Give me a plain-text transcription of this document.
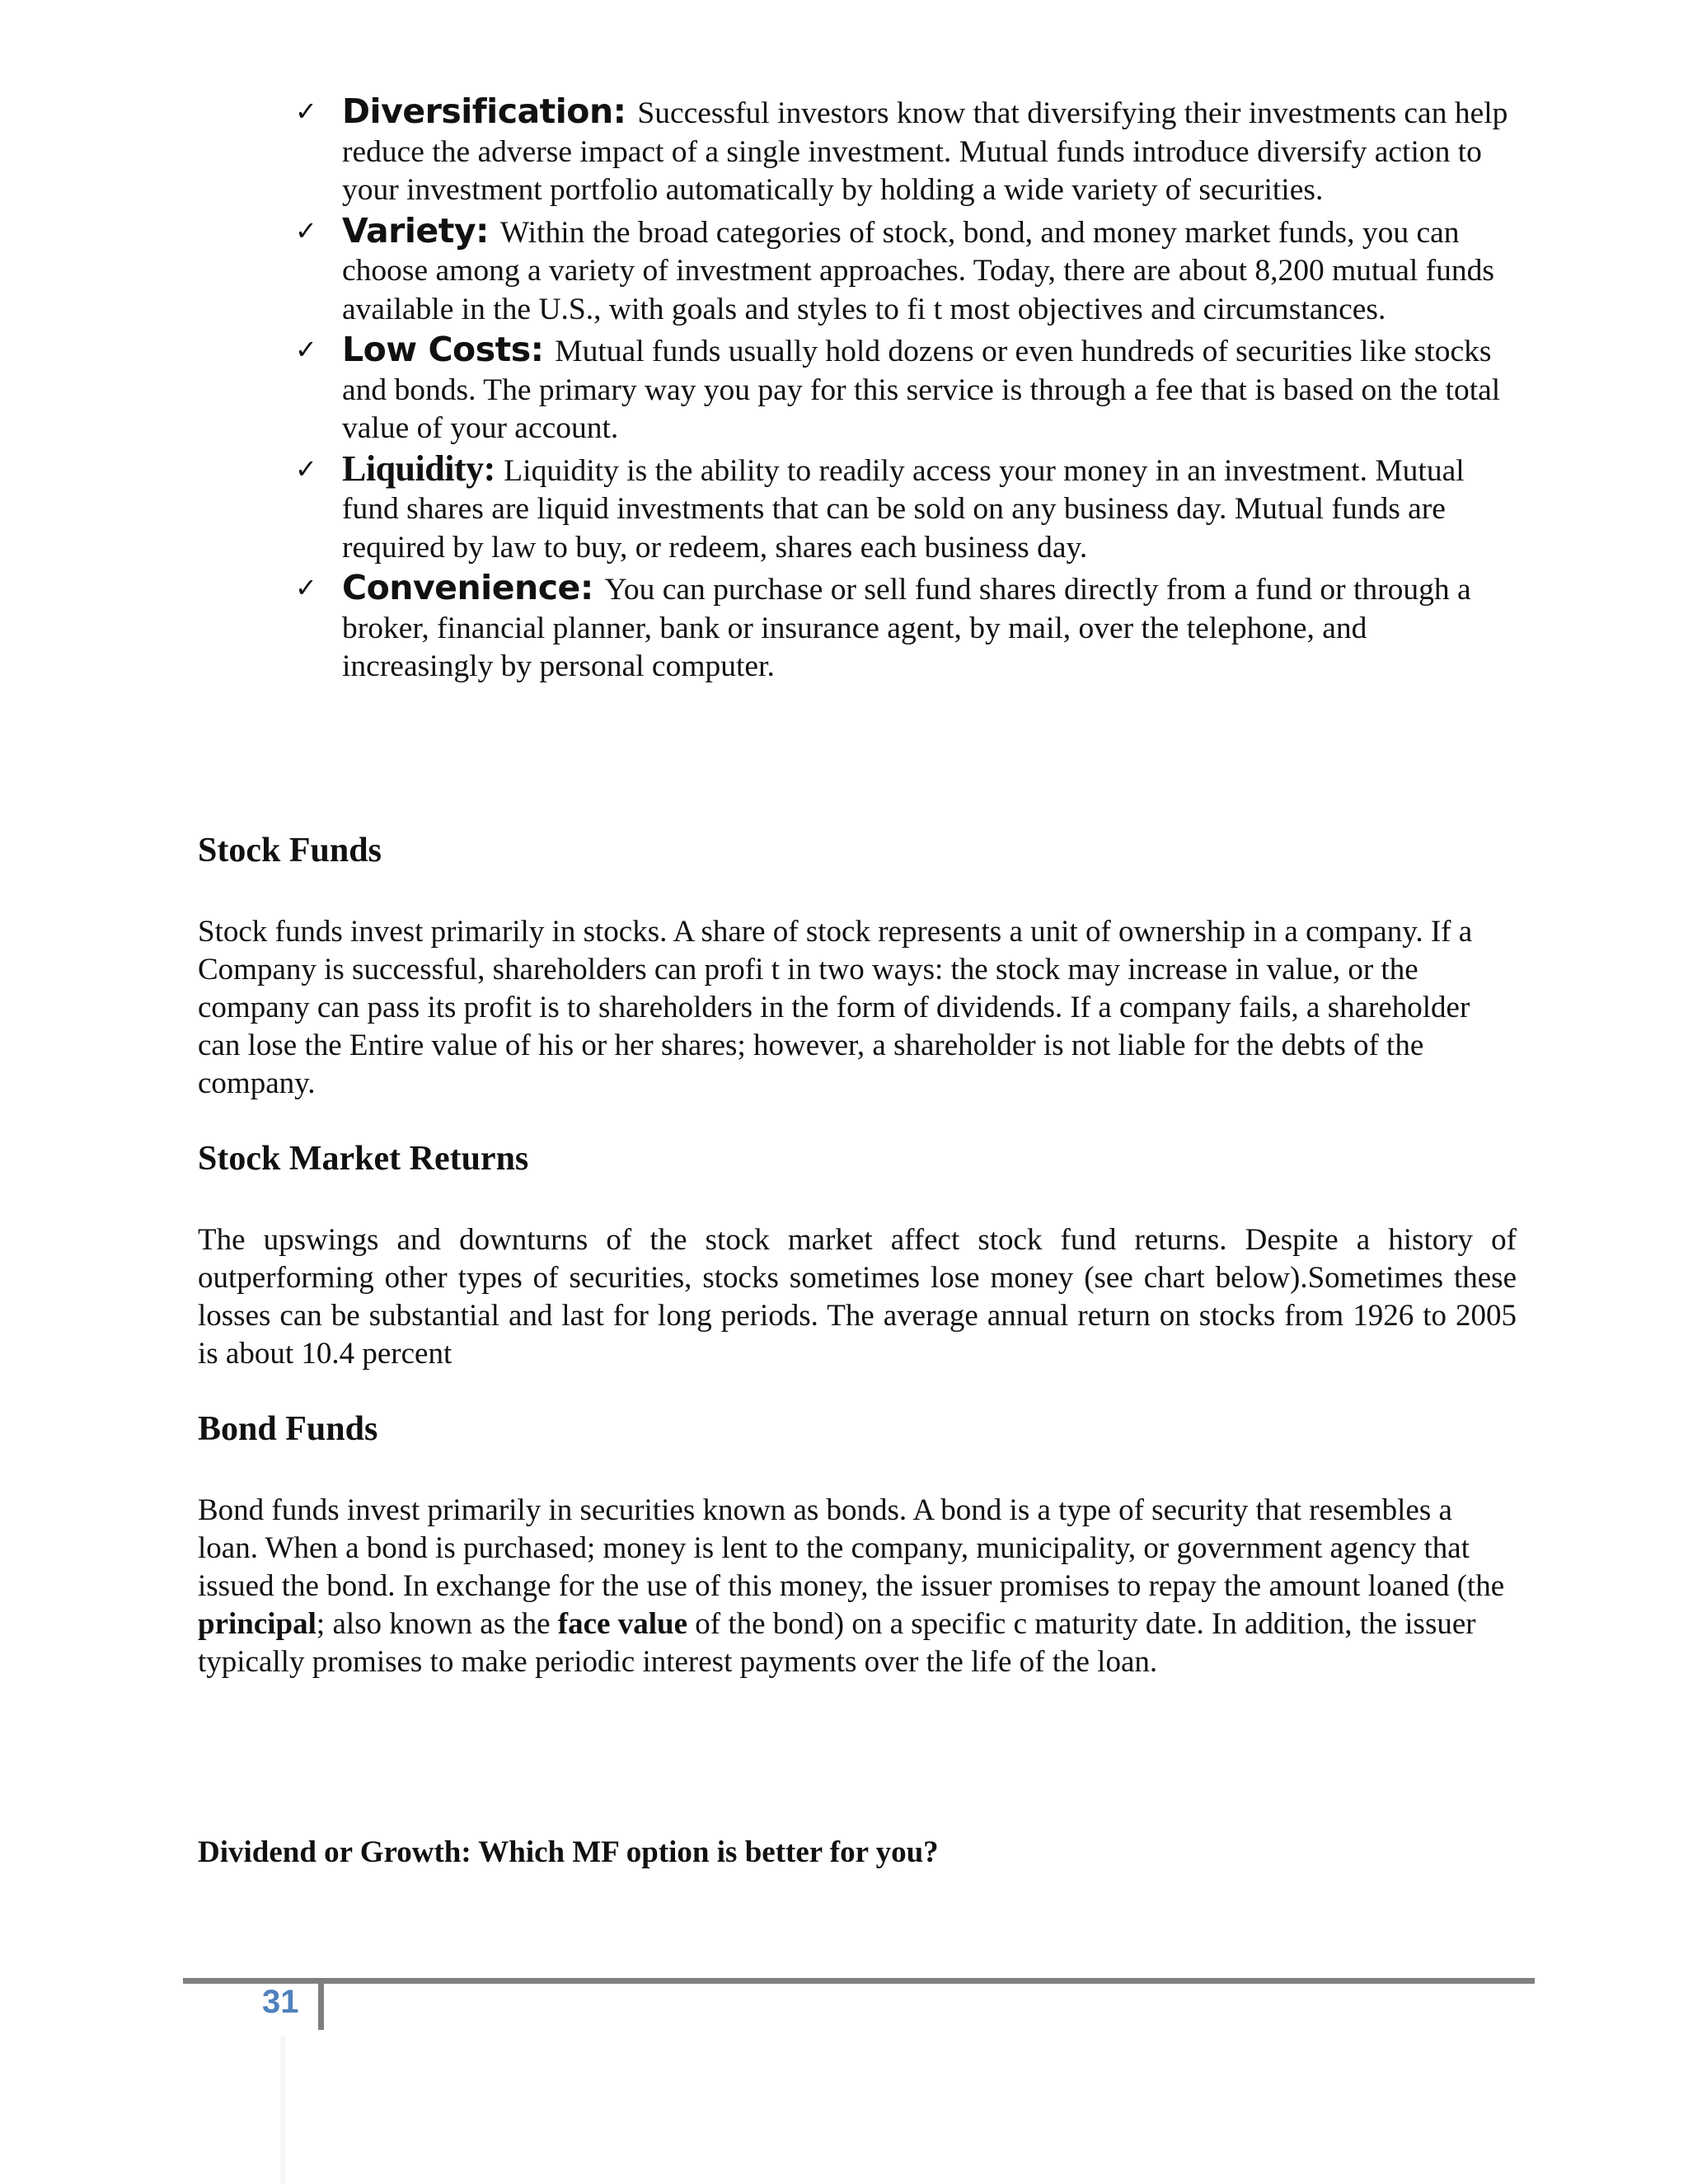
✓ Diversification: Successful investors know that diversifying their investments can help reduce the adverse impact of a single investment. Mutual funds introduce diversify action to your investment portfolio automatically by holding a wide variety of securities.
✓ Variety: Within the broad categories of stock, bond, and money market funds, you can choose among a variety of investment approaches. Today, there are about 8,200 mutual funds available in the U.S., with goals and styles to fi t most objectives and circumstances.
✓ Low Costs: Mutual funds usually hold dozens or even hundreds of securities like stocks and bonds. The primary way you pay for this service is through a fee that is based on the total value of your account.
✓ Liquidity: Liquidity is the ability to readily access your money in an investment. Mutual fund shares are liquid investments that can be sold on any business day. Mutual funds are required by law to buy, or redeem, shares each business day.
✓ Convenience: You can purchase or sell fund shares directly from a fund or through a broker, financial planner, bank or insurance agent, by mail, over the telephone, and increasingly by personal computer.
Stock Funds
Stock funds invest primarily in stocks. A share of stock represents a unit of ownership in a company. If a Company is successful, shareholders can profi t in two ways: the stock may increase in value, or the company can pass its profit is to shareholders in the form of dividends. If a company fails, a shareholder can lose the Entire value of his or her shares; however, a shareholder is not liable for the debts of the company.
Stock Market Returns
The upswings and downturns of the stock market affect stock fund returns. Despite a history of outperforming other types of securities, stocks sometimes lose money (see chart below).Sometimes these losses can be substantial and last for long periods. The average annual return on stocks from 1926 to 2005 is about 10.4 percent
Bond Funds
Bond funds invest primarily in securities known as bonds. A bond is a type of security that resembles a loan. When a bond is purchased; money is lent to the company, municipality, or government agency that issued the bond. In exchange for the use of this money, the issuer promises to repay the amount loaned (the principal; also known as the face value of the bond) on a specific c maturity date. In addition, the issuer typically promises to make periodic interest payments over the life of the loan.
Dividend or Growth: Which MF option is better for you?
31
